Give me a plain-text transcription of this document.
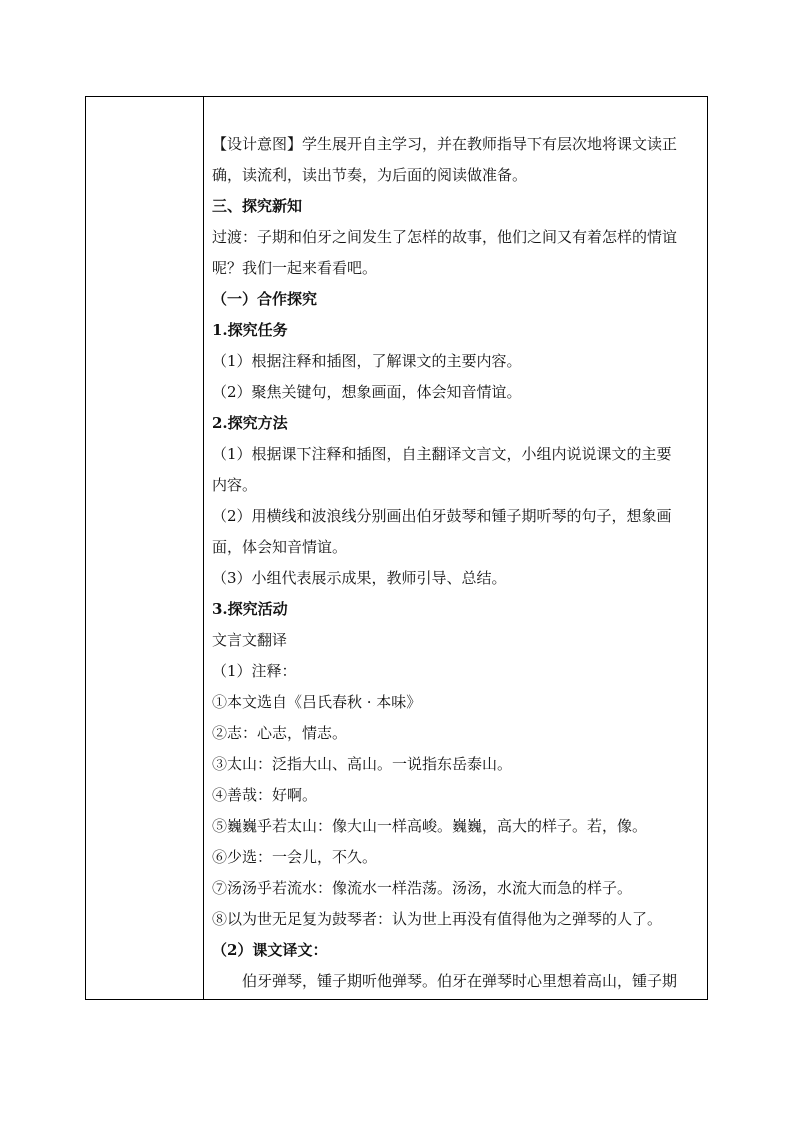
【设计意图】学生展开自主学习，并在教师指导下有层次地将课文读正
确，读流利，读出节奏，为后面的阅读做准备。
三、探究新知
过渡：子期和伯牙之间发生了怎样的故事，他们之间又有着怎样的情谊
呢？我们一起来看看吧。
（一）合作探究
1.探究任务
（1）根据注释和插图，了解课文的主要内容。
（2）聚焦关键句，想象画面，体会知音情谊。
2.探究方法
（1）根据课下注释和插图，自主翻译文言文，小组内说说课文的主要
内容。
（2）用横线和波浪线分别画出伯牙鼓琴和锺子期听琴的句子，想象画
面，体会知音情谊。
（3）小组代表展示成果，教师引导、总结。
3.探究活动
文言文翻译
（1）注释：
①本文选自《吕氏春秋 · 本味》
②志：心志，情志。
③太山：泛指大山、高山。一说指东岳泰山。
④善哉：好啊。
⑤巍巍乎若太山：像大山一样高峻。巍巍，高大的样子。若，像。
⑥少选：一会儿，不久。
⑦汤汤乎若流水：像流水一样浩荡。汤汤，水流大而急的样子。
⑧以为世无足复为鼓琴者：认为世上再没有值得他为之弹琴的人了。
（2）课文译文：
伯牙弹琴，锺子期听他弹琴。伯牙在弹琴时心里想着高山，锺子期
